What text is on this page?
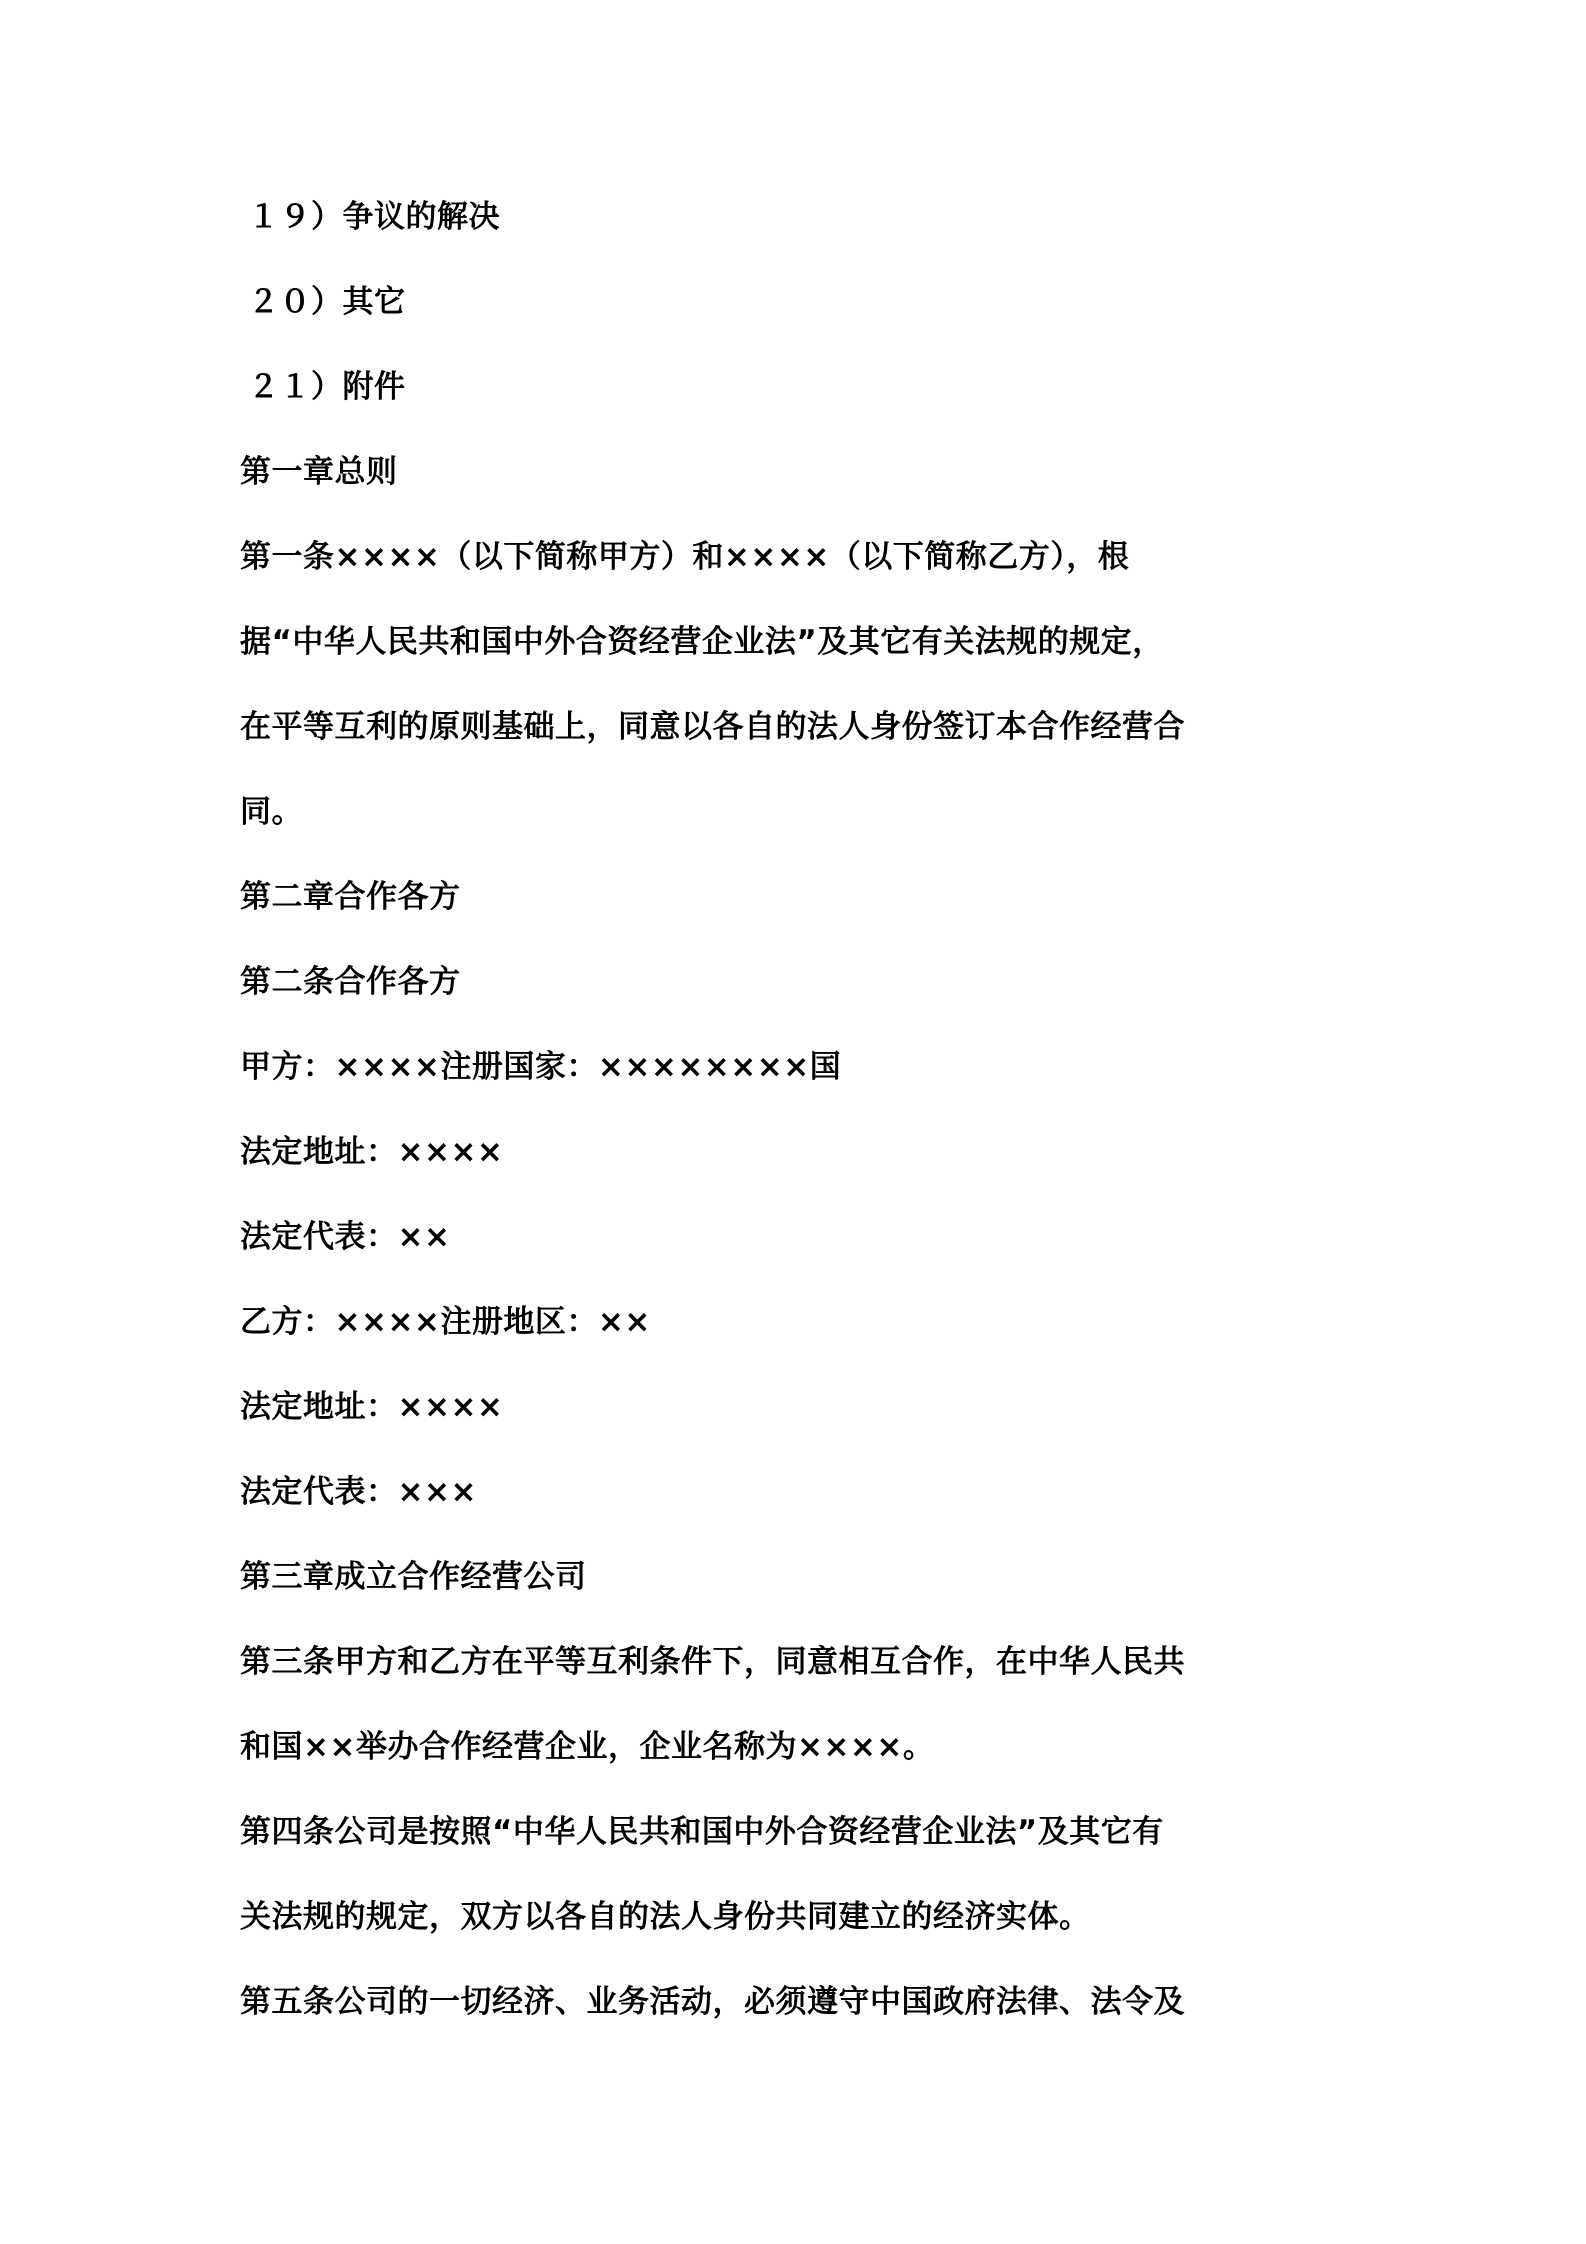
１９）争议的解决
２０）其它
２１）附件
第一章总则
第一条××××（以下简称甲方）和××××（以下简称乙方），根
据“中华人民共和国中外合资经营企业法”及其它有关法规的规定，
在平等互利的原则基础上，同意以各自的法人身份签订本合作经营合
同。
第二章合作各方
第二条合作各方
甲方：××××注册国家：××××××××国
法定地址：××××
法定代表：××
乙方：××××注册地区：××
法定地址：××××
法定代表：×××
第三章成立合作经营公司
第三条甲方和乙方在平等互利条件下，同意相互合作，在中华人民共
和国××举办合作经营企业，企业名称为××××。
第四条公司是按照“中华人民共和国中外合资经营企业法”及其它有
关法规的规定，双方以各自的法人身份共同建立的经济实体。
第五条公司的一切经济、业务活动，必须遵守中国政府法律、法令及
